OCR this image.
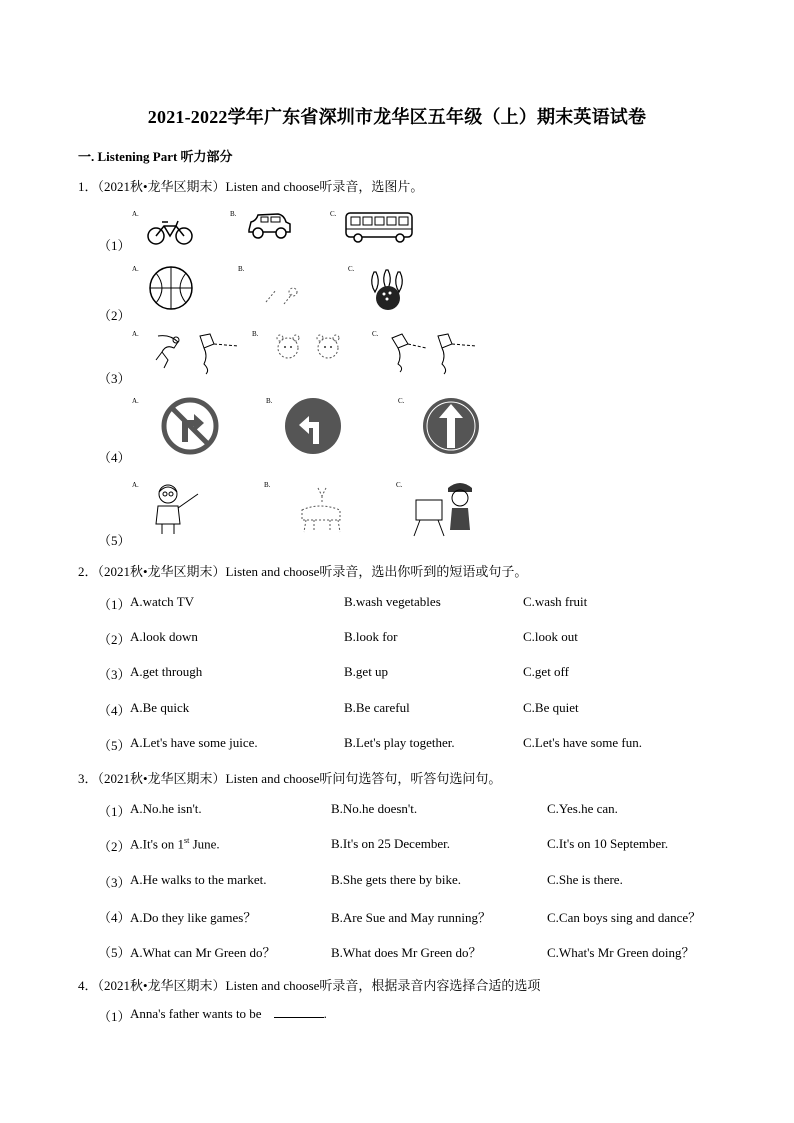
2021-2022学年广东省深圳市龙华区五年级（上）期末英语试卷
一. Listening Part 听力部分
1．（2021秋•龙华区期末）Listen and choose听录音，选图片。
（1）
A.	B.	C.
（2）
A.	B.	C.
（3）
A.	B.	C.
（4）
A.	B.	C.
（5）
A.	B.	C.
2．（2021秋•龙华区期末）Listen and choose听录音，选出你听到的短语或句子。
（1） A.watch TV	B.wash vegetables	C.wash fruit
（2） A.look down	B.look for	C.look out
（3） A.get through	B.get up	C.get off
（4） A.Be quick	B.Be careful	C.Be quiet
（5） A.Let's have some juice.	B.Let's play together.	C.Let's have some fun.
3．（2021秋•龙华区期末）Listen and choose听问句选答句，听答句选问句。
（1） A.No.he isn't.	B.No.he doesn't.	C.Yes.he can.
（2） A.It's on 1st June.	B.It's on 25 December.	C.It's on 10 September.
（3） A.He walks to the market.	B.She gets there by bike.	C.She is there.
（4） A.Do they like games？	B.Are Sue and May running？	C.Can boys sing and dance？
（5） A.What can Mr Green do？	B.What does Mr Green do？	C.What's Mr Green doing？
4．（2021秋•龙华区期末）Listen and choose听录音，根据录音内容选择合适的选项
（1） Anna's father wants to be	.
